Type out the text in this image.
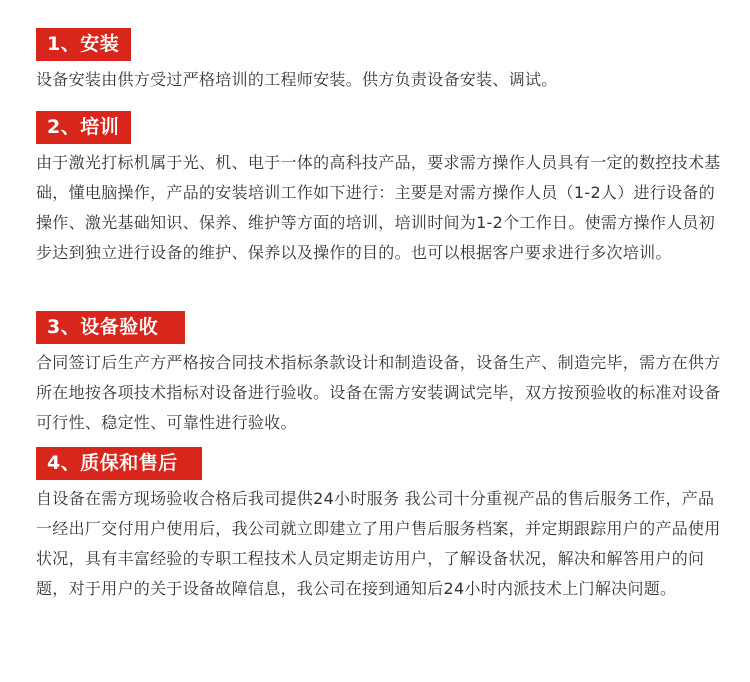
1、安装
设备安装由供方受过严格培训的工程师安装。供方负责设备安装、调试。
2、培训
由于激光打标机属于光、机、电于一体的高科技产品，要求需方操作人员具有一定的数控技术基础，懂电脑操作，产品的安装培训工作如下进行：主要是对需方操作人员（1-2人）进行设备的操作、激光基础知识、保养、维护等方面的培训，培训时间为1-2个工作日。使需方操作人员初步达到独立进行设备的维护、保养以及操作的目的。也可以根据客户要求进行多次培训。
3、设备验收
合同签订后生产方严格按合同技术指标条款设计和制造设备，设备生产、制造完毕，需方在供方所在地按各项技术指标对设备进行验收。设备在需方安装调试完毕，双方按预验收的标准对设备可行性、稳定性、可靠性进行验收。
4、质保和售后
自设备在需方现场验收合格后我司提供24小时服务 我公司十分重视产品的售后服务工作，产品一经出厂交付用户使用后，我公司就立即建立了用户售后服务档案，并定期跟踪用户的产品使用状况，具有丰富经验的专职工程技术人员定期走访用户，了解设备状况，解决和解答用户的问题，对于用户的关于设备故障信息，我公司在接到通知后24小时内派技术上门解决问题。
